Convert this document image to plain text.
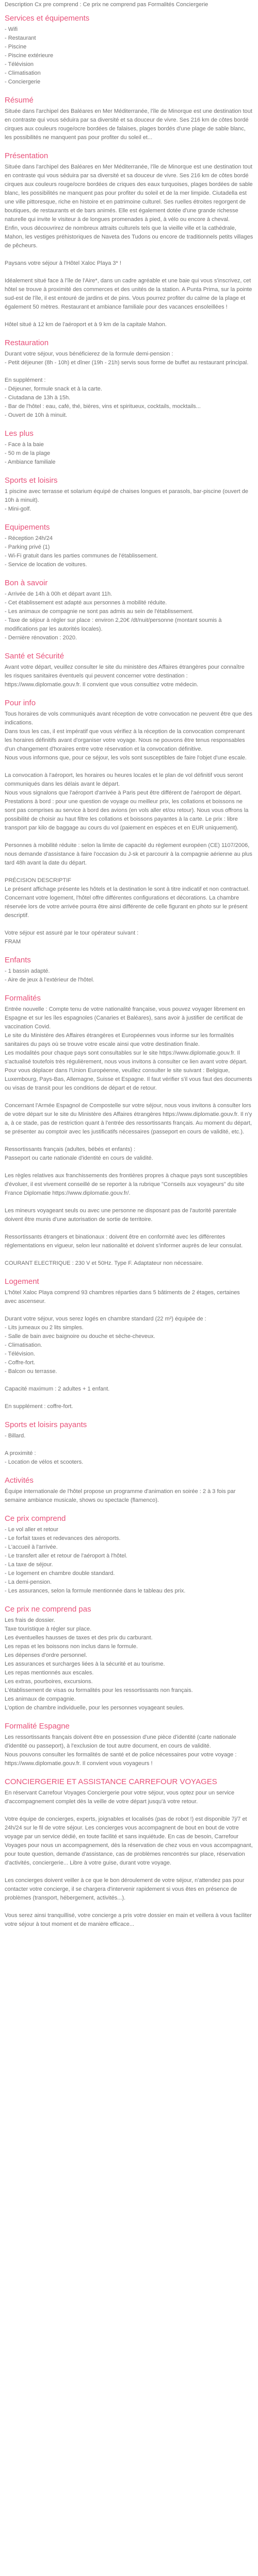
Description Cx pre comprend : Ce prix ne comprend pas Formalités Conciergerie

Services et équipements
- Wifi
- Restaurant
- Piscine
- Piscine extérieure
- Télévision
- Climatisation
- Conciergerie
Résumé

Située dans l'archipel des Baléares en Mer Méditerranée, l'île de Minorque est une destination tout en contraste qui vous séduira par sa diversité et sa douceur de vivre. Ses 216 km de côtes bordé cirques aux couleurs rouge/ocre bordées de falaises, plages bordés d'une plage de sable blanc, les possibilités ne manquent pas pour profiter du soleil et...

Présentation

Située dans l'archipel des Baléares en Mer Méditerranée, l'île de Minorque est une destination tout en contraste qui vous séduira par sa diversité et sa douceur de vivre. Ses 216 km de côtes bordé cirques aux couleurs rouge/ocre bordées de criques des eaux turquoises, plages bordées de sable blanc, les possibilités ne manquent pas pour profiter du soleil et de la mer limpide. Ciutadella est une ville pittoresque, riche en histoire et en patrimoine culturel. Ses ruelles étroites regorgent de boutiques, de restaurants et de bars animés. Elle est également dotée d'une grande richesse naturelle qui invite le visiteur à de longues promenades à pied, à vélo ou encore à cheval.
Enfin, vous découvrirez de nombreux attraits culturels tels que la vieille ville et la cathédrale, Mahon, les vestiges préhistoriques de Naveta des Tudons ou encore de traditionnels petits villages de pêcheurs.

Paysans votre séjour à l'Hôtel Xaloc Playa 3* !

Idéalement situé face à l'île de l'Aire*, dans un cadre agréable et une baie qui vous s'inscrivez, cet hôtel se trouve à proximité des commerces et des unités de la station. A Punta Prima, sur la pointe sud-est de l'île, il est entouré de jardins et de pins. Vous pourrez profiter du calme de la plage et également 50 mètres. Restaurant et ambiance familiale pour des vacances ensoleillées !

Hôtel situé à 12 km de l'aéroport et à 9 km de la capitale Mahon.

Restauration

Durant votre séjour, vous bénéficierez de la formule demi-pension :
- Petit déjeuner (8h - 10h) et dîner (19h - 21h) servis sous forme de buffet au restaurant principal.

En supplément :
- Déjeuner, formule snack et à la carte.
- Ciutadana de 13h à 15h.
- Bar de l'hôtel : eau, café, thé, bières, vins et spiritueux, cocktails, mocktails...
- Ouvert de 10h à minuit.

Les plus
- Face à la baie
- 50 m de la plage
- Ambiance familiale
Sports et loisirs

1 piscine avec terrasse et solarium équipé de chaises longues et parasols, bar-piscine (ouvert de 10h à minuit).
- Mini-golf.

Equipements
- Réception 24h/24
- Parking privé (1)
- Wi-Fi gratuit dans les parties communes de l'établissement.
- Service de location de voitures.
Bon à savoir

- Arrivée de 14h à 00h et départ avant 11h.
- Cet établissement est adapté aux personnes à mobilité réduite.
- Les animaux de compagnie ne sont pas admis au sein de l'établissement.
- Taxe de séjour à régler sur place : environ 2,20€ /dt/nuit/personne (montant soumis à modifications par les autorités locales).
- Dernière rénovation : 2020.

Santé et Sécurité

Avant votre départ, veuillez consulter le site du ministère des Affaires étrangères pour connaître les risques sanitaires éventuels qui peuvent concerner votre destination : https://www.diplomatie.gouv.fr. Il convient que vous consultiez votre médecin.

Pour info

Tous horaires de vols communiqués avant réception de votre convocation ne peuvent être que des indications.
Dans tous les cas, il est impératif que vous vérifiez à la réception de la convocation comprenant les horaires définitifs avant d'organiser votre voyage. Nous ne pouvons être tenus responsables d'un changement d'horaires entre votre réservation et la convocation définitive.
Nous vous informons que, pour ce séjour, les vols sont susceptibles de faire l'objet d'une escale.

La convocation à l'aéroport, les horaires ou heures locales et le plan de vol définitif vous seront communiqués dans les délais avant le départ.
Nous vous signalons que l'aéroport d'arrivée à Paris peut être différent de l'aéroport de départ.
Prestations à bord : pour une question de voyage ou meilleur prix, les collations et boissons ne sont pas comprises au service à bord des avions (en vols aller et/ou retour). Nous vous offrons la possibilité de choisir au haut filtre les collations et boissons payantes à la carte. Le prix : libre transport par kilo de baggage au cours du vol (paiement en espèces et en EUR uniquement).

Personnes à mobilité réduite : selon la limite de capacité du règlement européen (CE) 1107/2006, nous demande d'assistance à faire l'occasion du J-sk et parcourir à la compagnie aérienne au plus tard 48h avant la date du départ.

PRÉCISION DESCRIPTIF
Le présent affichage présente les hôtels et la destination le sont à titre indicatif et non contractuel. Concernant votre logement, l'hôtel offre différentes configurations et décorations. La chambre réservée lors de votre arrivée pourra être ainsi différente de celle figurant en photo sur le présent descriptif.

Votre séjour est assuré par le tour opérateur suivant :
FRAM

Enfants

- 1 bassin adapté.
- Aire de jeux à l'extérieur de l'hôtel.

Formalités

Entrée nouvelle : Compte tenu de votre nationalité française, vous pouvez voyager librement en Espagne et sur les îles espagnoles (Canaries et Baléares), sans avoir à justifier de certificat de vaccination Covid.
Le site du Ministère des Affaires étrangères et Européennes vous informe sur les formalités sanitaires du pays où se trouve votre escale ainsi que votre destination finale.
Les modalités pour chaque pays sont consultables sur le site https://www.diplomatie.gouv.fr. Il s'actualisé toutefois très régulièrement, nous vous invitons à consulter ce lien avant votre départ.
Pour vous déplacer dans l'Union Européenne, veuillez consulter le site suivant : Belgique, Luxembourg, Pays-Bas, Allemagne, Suisse et Espagne. Il faut vérifier s'il vous faut des documents ou visas de transit pour les conditions de départ et de retour.

Concernant l'Armée Espagnol de Compostelle sur votre séjour, nous vous invitons à consulter lors de votre départ sur le site du Ministère des Affaires étrangères https://www.diplomatie.gouv.fr. Il n'y a, à ce stade, pas de restriction quant à l'entrée des ressortissants français. Au moment du départ, se présenter au comptoir avec les justificatifs nécessaires (passeport en cours de validité, etc.).

Ressortissants français (adultes, bébés et enfants) :
Passeport ou carte nationale d'identité en cours de validité.

Les règles relatives aux franchissements des frontières propres à chaque pays sont susceptibles d'évoluer, il est vivement conseillé de se reporter à la rubrique "Conseils aux voyageurs" du site France Diplomatie https://www.diplomatie.gouv.fr/.

Les mineurs voyageant seuls ou avec une personne ne disposant pas de l'autorité parentale doivent être munis d'une autorisation de sortie de territoire.

Ressortissants étrangers et binationaux : doivent être en conformité avec les différentes réglementations en vigueur, selon leur nationalité et doivent s'informer auprès de leur consulat.

COURANT ELECTRIQUE : 230 V et 50Hz. Type F. Adaptateur non nécessaire.

Logement

L'hôtel Xaloc Playa comprend 93 chambres réparties dans 5 bâtiments de 2 étages, certaines avec ascenseur.

Durant votre séjour, vous serez logés en chambre standard (22 m²) équipée de :
- Lits jumeaux ou 2 lits simples.
- Salle de bain avec baignoire ou douche et sèche-cheveux.
- Climatisation.
- Télévision.
- Coffre-fort.
- Balcon ou terrasse.

Capacité maximum : 2 adultes + 1 enfant.

En supplément : coffre-fort.

Sports et loisirs payants

- Billard.

A proximité :
- Location de vélos et scooters.

Activités

Équipe internationale de l'hôtel propose un programme d'animation en soirée : 2 à 3 fois par semaine ambiance musicale, shows ou spectacle (flamenco).

Ce prix comprend

- Le vol aller et retour
- Le forfait taxes et redevances des aéroports.
- L'accueil à l'arrivée.
- Le transfert aller et retour de l'aéroport à l'hôtel.
- La taxe de séjour.
- Le logement en chambre double standard.
- La demi-pension.
- Les assurances, selon la formule mentionnée dans le tableau des prix.

Ce prix ne comprend pas

Les frais de dossier.
Taxe touristique à régler sur place.
Les éventuelles hausses de taxes et des prix du carburant.
Les repas et les boissons non inclus dans le formule.
Les dépenses d'ordre personnel.
Les assurances et surcharges liées à la sécurité et au tourisme.
Les repas mentionnés aux escales.
Les extras, pourboires, excursions.
L'établissement de visas ou formalités pour les ressortissants non français.
Les animaux de compagnie.
L'option de chambre individuelle, pour les personnes voyageant seules.

Formalité Espagne

Les ressortissants français doivent être en possession d'une pièce d'identité (carte nationale d'identité ou passeport), à l'exclusion de tout autre document, en cours de validité.
Nous pouvons consulter les formalités de santé et de police nécessaires pour votre voyage : https://www.diplomatie.gouv.fr. Il convient vous voyageurs !

CONCIERGERIE ET ASSISTANCE CARREFOUR VOYAGES

En réservant Carrefour Voyages Conciergerie pour votre séjour, vous optez pour un service d'accompagnement complet dès la veille de votre départ jusqu'à votre retour.

Votre équipe de concierges, experts, joignables et localisés (pas de robot !) est disponible 7j/7 et 24h/24 sur le fil de votre séjour. Les concierges vous accompagnent de bout en bout de votre voyage par un service dédié, en toute facilité et sans inquiétude. En cas de besoin, Carrefour Voyages pour nous un accompagnement, dès la réservation de chez vous en vous accompagnant, pour toute question, demande d'assistance, cas de problèmes rencontrés sur place, réservation d'activités, conciergerie... Libre à votre guise, durant votre voyage.

Les concierges doivent veiller à ce que le bon déroulement de votre séjour, n'attendez pas pour contacter votre concierge, il se chargera d'intervenir rapidement si vous êtes en présence de problèmes (transport, hébergement, activités...).

Vous serez ainsi tranquillisé, votre concierge a pris votre dossier en main et veillera à vous faciliter votre séjour à tout moment et de manière efficace...
